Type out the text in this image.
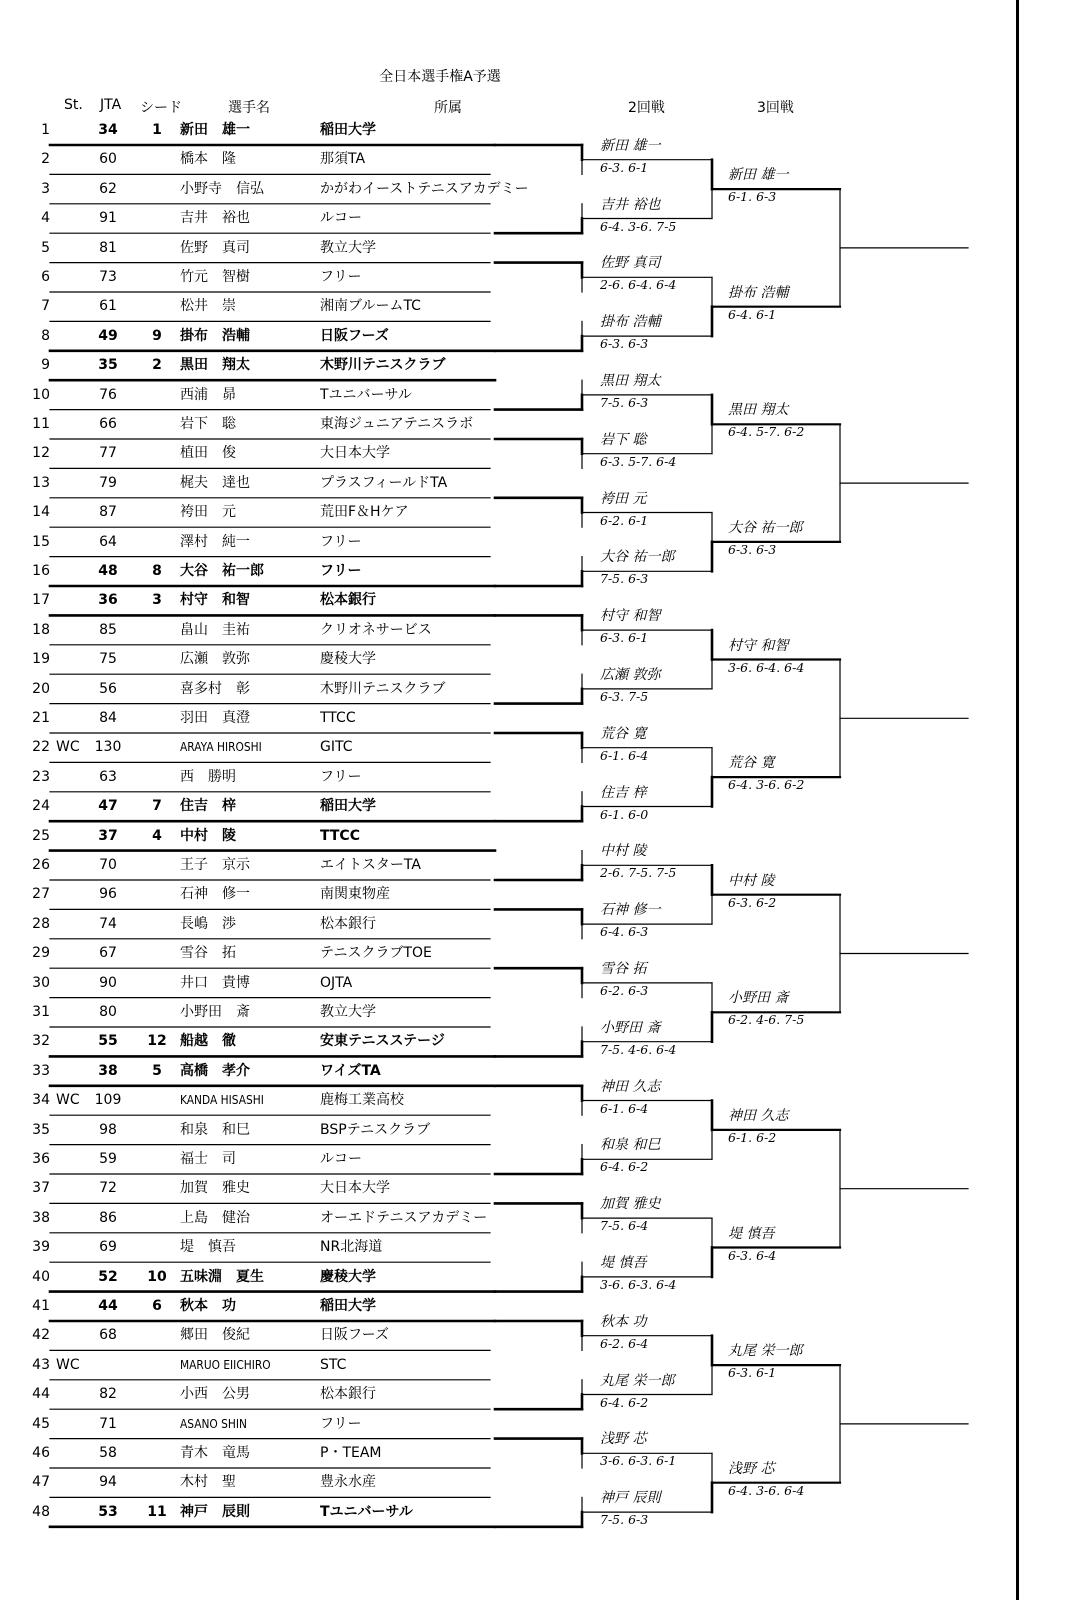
全日本選手権A予選
St. JTA シード	選手名	所属	2回戦	3回戦
1	34	1	新田　雄一	稲田大学
2	60	橋本　隆	那須TA
3	62	小野寺　信弘	かがわイーストテニスアカデミー
4	91	吉井　裕也	ルコー
5	81	佐野　真司	教立大学
6	73	竹元　智樹	フリー
7	61	松井　崇	湘南ブルームTC
8	49	9	掛布　浩輔	日阪フーズ
9	35	2	黒田　翔太	木野川テニスクラブ
10	76	西浦　昴	Tユニバーサル
11	66	岩下　聡	東海ジュニアテニスラボ
12	77	植田　俊	大日本大学
13	79	梶夫　達也	プラスフィールドTA
14	87	袴田　元	荒田F＆Hケア
15	64	澤村　純一	フリー
16	48	8	大谷　祐一郎	フリー
17	36	3	村守　和智	松本銀行
18	85	畠山　圭祐	クリオネサービス
19	75	広瀬　敦弥	慶稜大学
20	56	喜多村　彰	木野川テニスクラブ
21	84	羽田　真澄	TTCC
22 WC 130	ARAYA HIROSHI	GITC
23	63	西　勝明	フリー
24	47	7	住吉　梓	稲田大学
25	37	4	中村　陵	TTCC
26	70	王子　京示	エイトスターTA
27	96	石神　修一	南関東物産
28	74	長嶋　渉	松本銀行
29	67	雪谷　拓	テニスクラブTOE
30	90	井口　貴博	OJTA
31	80	小野田　斎	教立大学
32	55	12 船越　徹	安東テニスステージ
33	38	5	高橋　孝介	ワイズTA
34 WC 109	KANDA HISASHI	鹿梅工業高校
35	98	和泉　和巳	BSPテニスクラブ
36	59	福士　司	ルコー
37	72	加賀　雅史	大日本大学
38	86	上島　健治	オーエドテニスアカデミー
39	69	堤　慎吾	NR北海道
40	52	10 五味淵　夏生	慶稜大学
41	44	6	秋本　功	稲田大学
42	68	郷田　俊紀	日阪フーズ
43 WC	MARUO EIICHIRO	STC
44	82	小西　公男	松本銀行
45	71	ASANO SHIN	フリー
46	58	青木　竜馬	P・TEAM
47	94	木村　聖	豊永水産
48	53	11 神戸　辰則	Tユニバーサル
新田 雄一
6-3. 6-1
吉井 裕也
6-4. 3-6. 7-5
佐野 真司
2-6. 6-4. 6-4
掛布 浩輔
6-3. 6-3
黒田 翔太
7-5. 6-3
岩下 聡
6-3. 5-7. 6-4
袴田 元
6-2. 6-1
大谷 祐一郎
7-5. 6-3
村守 和智
6-3. 6-1
広瀬 敦弥
6-3. 7-5
荒谷 寛
6-1. 6-4
住吉 梓
6-1. 6-0
中村 陵
2-6. 7-5. 7-5
石神 修一
6-4. 6-3
雪谷 拓
6-2. 6-3
小野田 斎
7-5. 4-6. 6-4
神田 久志
6-1. 6-4
和泉 和巳
6-4. 6-2
加賀 雅史
7-5. 6-4
堤 慎吾
3-6. 6-3. 6-4
秋本 功
6-2. 6-4
丸尾 栄一郎
6-4. 6-2
浅野 芯
3-6. 6-3. 6-1
神戸 辰則
7-5. 6-3
新田 雄一
6-1. 6-3
掛布 浩輔
6-4. 6-1
黒田 翔太
6-4. 5-7. 6-2
大谷 祐一郎
6-3. 6-3
村守 和智
3-6. 6-4. 6-4
荒谷 寛
6-4. 3-6. 6-2
中村 陵
6-3. 6-2
小野田 斎
6-2. 4-6. 7-5
神田 久志
6-1. 6-2
堤 慎吾
6-3. 6-4
丸尾 栄一郎
6-3. 6-1
浅野 芯
6-4. 3-6. 6-4
